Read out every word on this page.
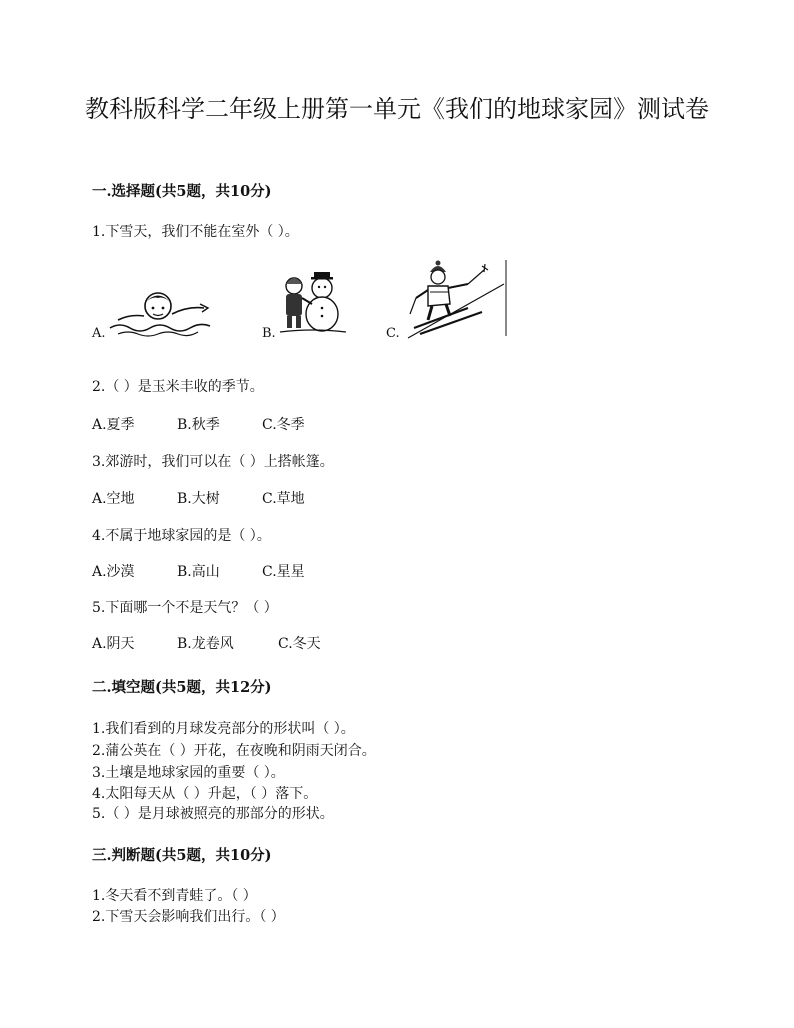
教科版科学二年级上册第一单元《我们的地球家园》测试卷
一.选择题(共5题，共10分)
1.下雪天，我们不能在室外（ ）。
A.	B.	C.
2.（ ）是玉米丰收的季节。
A.夏季	B.秋季	C.冬季
3.郊游时，我们可以在（ ）上搭帐篷。
A.空地	B.大树	C.草地
4.不属于地球家园的是（ ）。
A.沙漠	B.高山	C.星星
5.下面哪一个不是天气？（ ）
A.阴天	B.龙卷风	C.冬天
二.填空题(共5题，共12分)
1.我们看到的月球发亮部分的形状叫（ ）。
2.蒲公英在（ ）开花，在夜晚和阴雨天闭合。
3.土壤是地球家园的重要（ ）。
4.太阳每天从（ ）升起，（ ）落下。
5.（ ）是月球被照亮的那部分的形状。
三.判断题(共5题，共10分)
1.冬天看不到青蛙了。（ ）
2.下雪天会影响我们出行。（ ）
